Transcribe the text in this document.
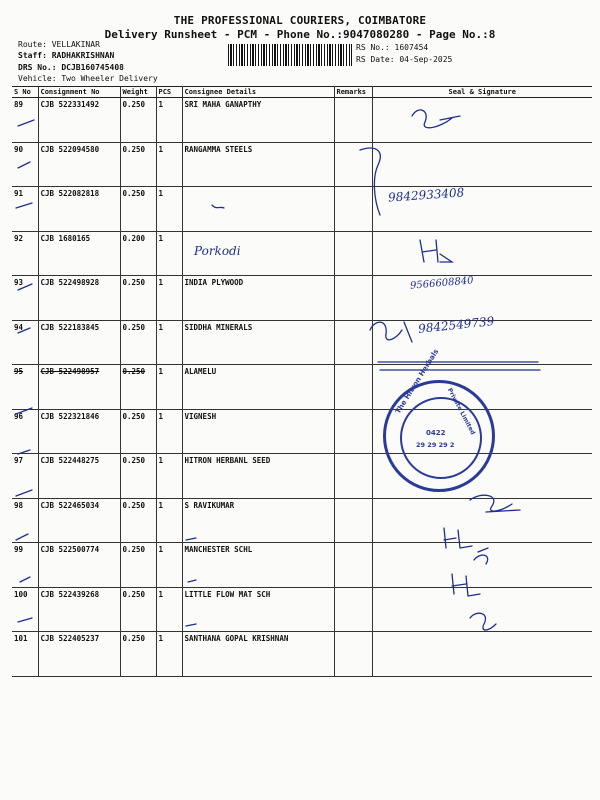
THE PROFESSIONAL COURIERS, COIMBATORE
Delivery Runsheet - PCM - Phone No.:9047080280 - Page No.:8
Route: VELLAKINAR
Staff: RADHAKRISHNAN
DRS No.: DCJB160745408
Vehicle: Two Wheeler Delivery
RS No.: 1607454
RS Date: 04-Sep-2025
S No	Consignment No	Weight	PCS	Consignee Details	Remarks	Seal & Signature
89	CJB 522331492	0.250	1	SRI MAHA GANAPTHY		
90	CJB 522094580	0.250	1	RANGAMMA STEELS		
91	CJB 522082818	0.250	1			
92	CJB 1680165	0.200	1			
93	CJB 522498928	0.250	1	INDIA PLYWOOD		
94	CJB 522183845	0.250	1	SIDDHA MINERALS		
95	CJB 522498957	0.250	1	ALAMELU		
96	CJB 522321846	0.250	1	VIGNESH		
97	CJB 522448275	0.250	1	HITRON HERBANL SEED		
98	CJB 522465034	0.250	1	S RAVIKUMAR		
99	CJB 522500774	0.250	1	MANCHESTER SCHL		
100	CJB 522439268	0.250	1	LITTLE FLOW MAT SCH		
101	CJB 522405237	0.250	1	SANTHANA GOPAL KRISHNAN		
Porkodi
9842933408
9566608840
9842549739
The Hitron Herbals Private Limited
0422
29 29 29 2
